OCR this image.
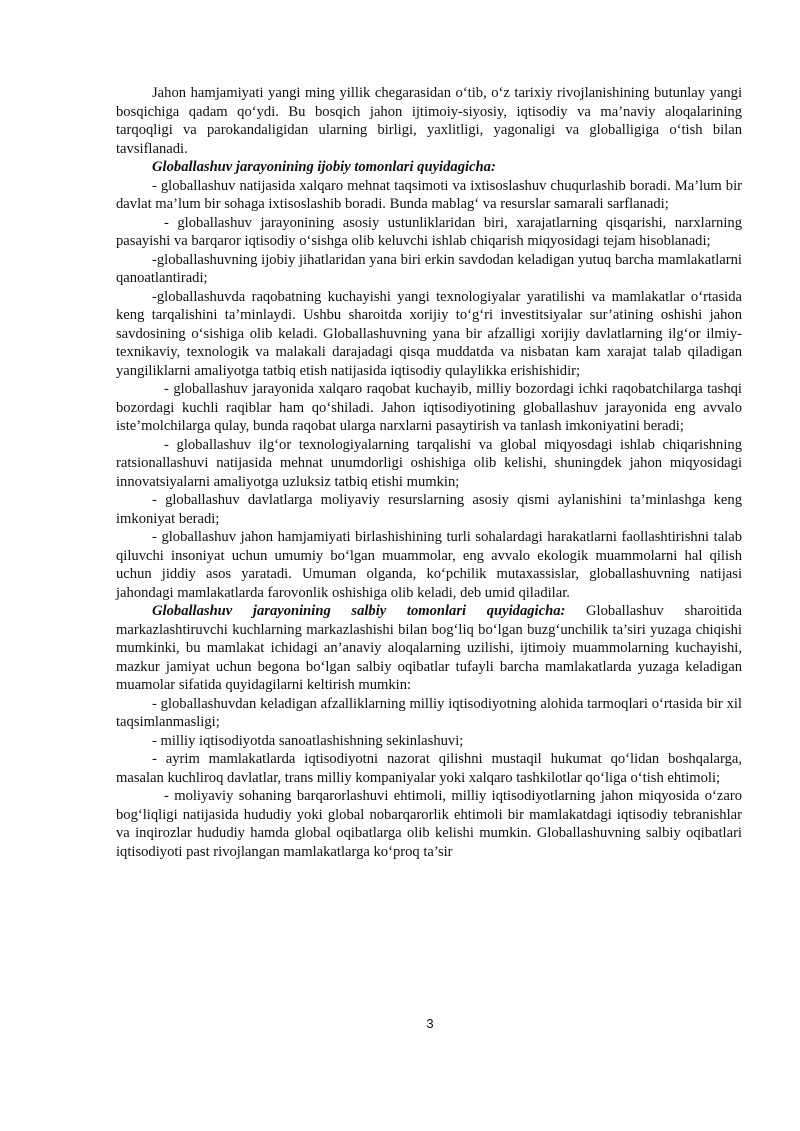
Jahon hamjamiyati yangi ming yillik chegarasidan o‘tib, o‘z tarixiy rivojlanishining butunlay yangi bosqichiga qadam qo‘ydi. Bu bosqich jahon ijtimoiy-siyosiy, iqtisodiy va ma’naviy aloqalarining tarqoqligi va parokandaligidan ularning birligi, yaxlitligi, yagonaligi va globalligiga o‘tish bilan tavsiflanadi.

Globallashuv jarayonining ijobiy tomonlari quyidagicha:

- globallashuv natijasida xalqaro mehnat taqsimoti va ixtisoslashuv chuqurlashib boradi. Ma’lum bir davlat ma’lum bir sohaga ixtisoslashib boradi. Bunda mablag‘ va resurslar samarali sarflanadi;

- globallashuv jarayonining asosiy ustunliklaridan biri, xarajatlarning qisqarishi, narxlarning pasayishi va barqaror iqtisodiy o‘sishga olib keluvchi ishlab chiqarish miqyosidagi tejam hisoblanadi;

-globallashuvning ijobiy jihatlaridan yana biri erkin savdodan keladigan yutuq barcha mamlakatlarni qanoatlantiradi;

-globallashuvda raqobatning kuchayishi yangi texnologiyalar yaratilishi va mamlakatlar o‘rtasida keng tarqalishini ta’minlaydi. Ushbu sharoitda xorijiy to‘g‘ri investitsiyalar sur’atining oshishi jahon savdosining o‘sishiga olib keladi. Globallashuvning yana bir afzalligi xorijiy davlatlarning ilg‘or ilmiy-texnikaviy, texnologik va malakali darajadagi qisqa muddatda va nisbatan kam xarajat talab qiladigan yangiliklarni amaliyotga tatbiq etish natijasida iqtisodiy qulaylikka erishishidir;

- globallashuv jarayonida xalqaro raqobat kuchayib, milliy bozordagi ichki raqobatchilarga tashqi bozordagi kuchli raqiblar ham qo‘shiladi. Jahon iqtisodiyotining globallashuv jarayonida eng avvalo iste’molchilarga qulay, bunda raqobat ularga narxlarni pasaytirish va tanlash imkoniyatini beradi;

- globallashuv ilg‘or texnologiyalarning tarqalishi va global miqyosdagi ishlab chiqarishning ratsionallashuvi natijasida mehnat unumdorligi oshishiga olib kelishi, shuningdek jahon miqyosidagi innovatsiyalarni amaliyotga uzluksiz tatbiq etishi mumkin;

- globallashuv davlatlarga moliyaviy resurslarning asosiy qismi aylanishini ta’minlashga keng imkoniyat beradi;

- globallashuv jahon hamjamiyati birlashishining turli sohalardagi harakatlarni faollashtirishni talab qiluvchi insoniyat uchun umumiy bo‘lgan muammolar, eng avvalo ekologik muammolarni hal qilish uchun jiddiy asos yaratadi. Umuman olganda, ko‘pchilik mutaxassislar, globallashuvning natijasi jahondagi mamlakatlarda farovonlik oshishiga olib keladi, deb umid qiladilar.

Globallashuv jarayonining salbiy tomonlari quyidagicha: Globallashuv sharoitida markazlashtiruvchi kuchlarning markazlashishi bilan bog‘liq bo‘lgan buzg‘unchilik ta’siri yuzaga chiqishi mumkinki, bu mamlakat ichidagi an’anaviy aloqalarning uzilishi, ijtimoiy muammolarning kuchayishi, mazkur jamiyat uchun begona bo‘lgan salbiy oqibatlar tufayli barcha mamlakatlarda yuzaga keladigan muamolar sifatida quyidagilarni keltirish mumkin:

- globallashuvdan keladigan afzalliklarning milliy iqtisodiyotning alohida tarmoqlari o‘rtasida bir xil taqsimlanmasligi;

- milliy iqtisodiyotda sanoatlashishning sekinlashuvi;

- ayrim mamlakatlarda iqtisodiyotni nazorat qilishni mustaqil hukumat qo‘lidan boshqalarga, masalan kuchliroq davlatlar, trans milliy kompaniyalar yoki xalqaro tashkilotlar qo‘liga o‘tish ehtimoli;

- moliyaviy sohaning barqarorlashuvi ehtimoli, milliy iqtisodiyotlarning jahon miqyosida o‘zaro bog‘liqligi natijasida hududiy yoki global nobarqarorlik ehtimoli bir mamlakatdagi iqtisodiy tebranishlar va inqirozlar hududiy hamda global oqibatlarga olib kelishi mumkin. Globallashuvning salbiy oqibatlari iqtisodiyoti past rivojlangan mamlakatlarga ko‘proq ta’sir

3
